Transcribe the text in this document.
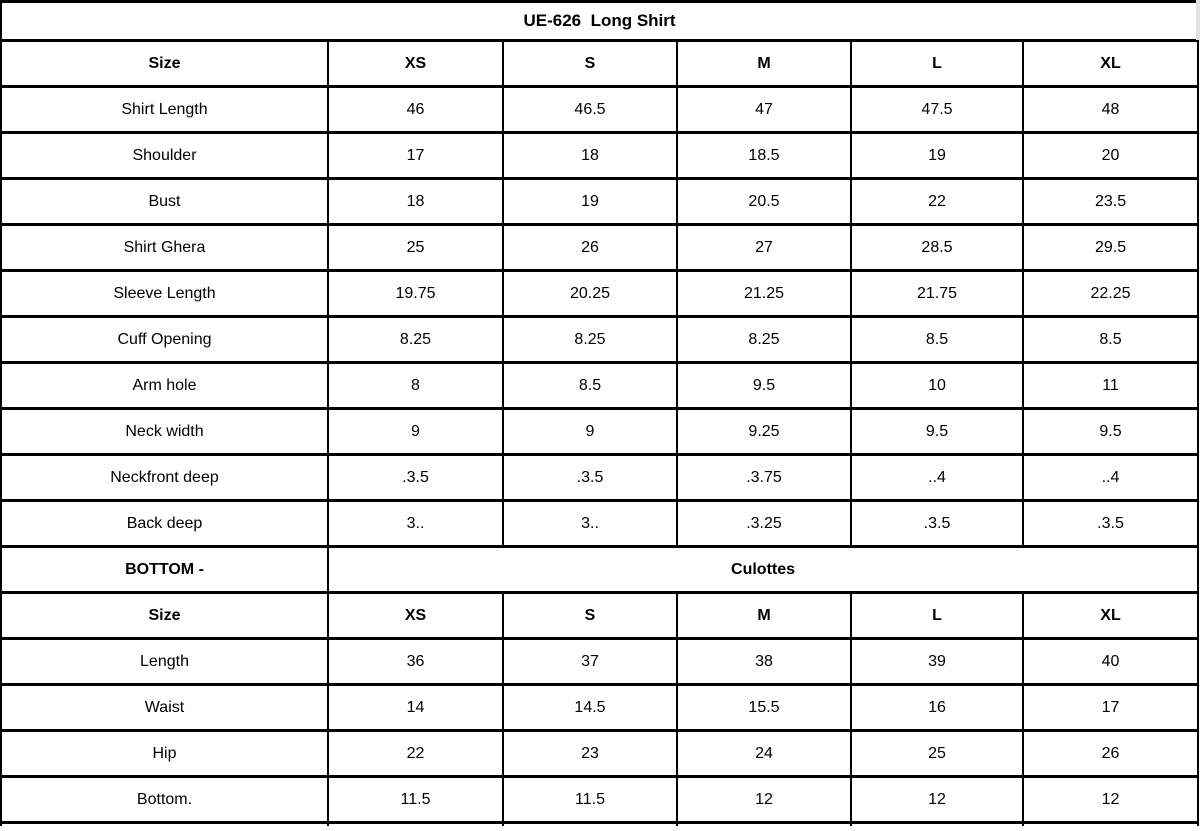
UE-626  Long Shirt					
Size	XS	S	M	L	XL
Shirt Length	46	46.5	47	47.5	48
Shoulder	17	18	18.5	19	20
Bust	18	19	20.5	22	23.5
Shirt Ghera	25	26	27	28.5	29.5
Sleeve Length	19.75	20.25	21.25	21.75	22.25
Cuff Opening	8.25	8.25	8.25	8.5	8.5
Arm hole	8	8.5	9.5	10	11
Neck width	9	9	9.25	9.5	9.5
Neckfront deep	.3.5	.3.5	.3.75	..4	..4
Back deep	3..	3..	.3.25	.3.5	.3.5
BOTTOM -	Culottes				
Size	XS	S	M	L	XL
Length	36	37	38	39	40
Waist	14	14.5	15.5	16	17
Hip	22	23	24	25	26
Bottom.	11.5	11.5	12	12	12
